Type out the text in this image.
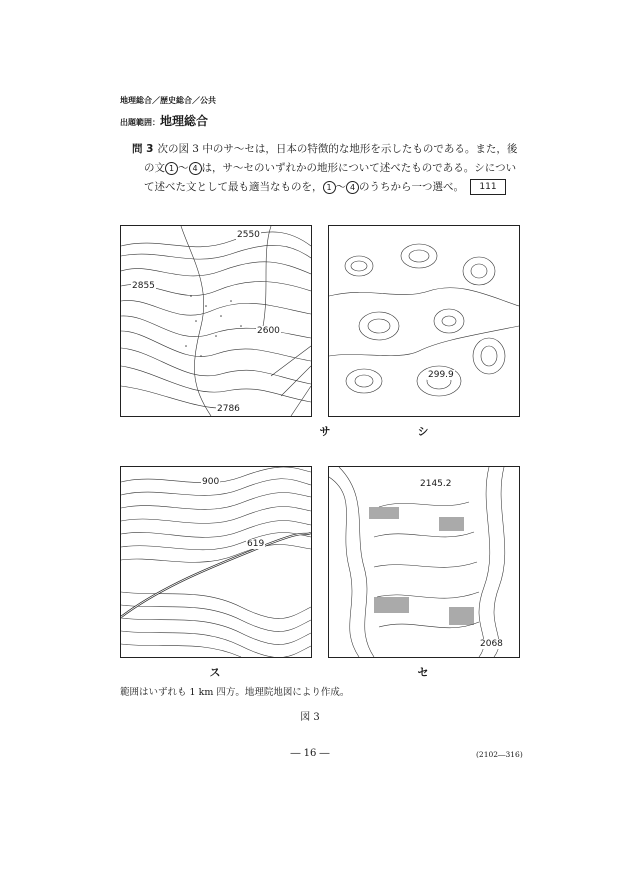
地理総合／歴史総合／公共
出題範囲：地理総合
問 3 次の図 3 中のサ～セは，日本の特徴的な地形を示したものである。また，後
の文 1 ～ 4 は，サ～セのいずれかの地形について述べたものである。シについ
て述べた文として最も適当なものを， 1 ～ 4 のうちから一つ選べ。 111
2550
2855
2600
2786
サ
299.9
シ
900
619
ス
2145.2
2068
セ
範囲はいずれも 1 km 四方。地理院地図により作成。
図 3
― 16 ―	(2102―316)
